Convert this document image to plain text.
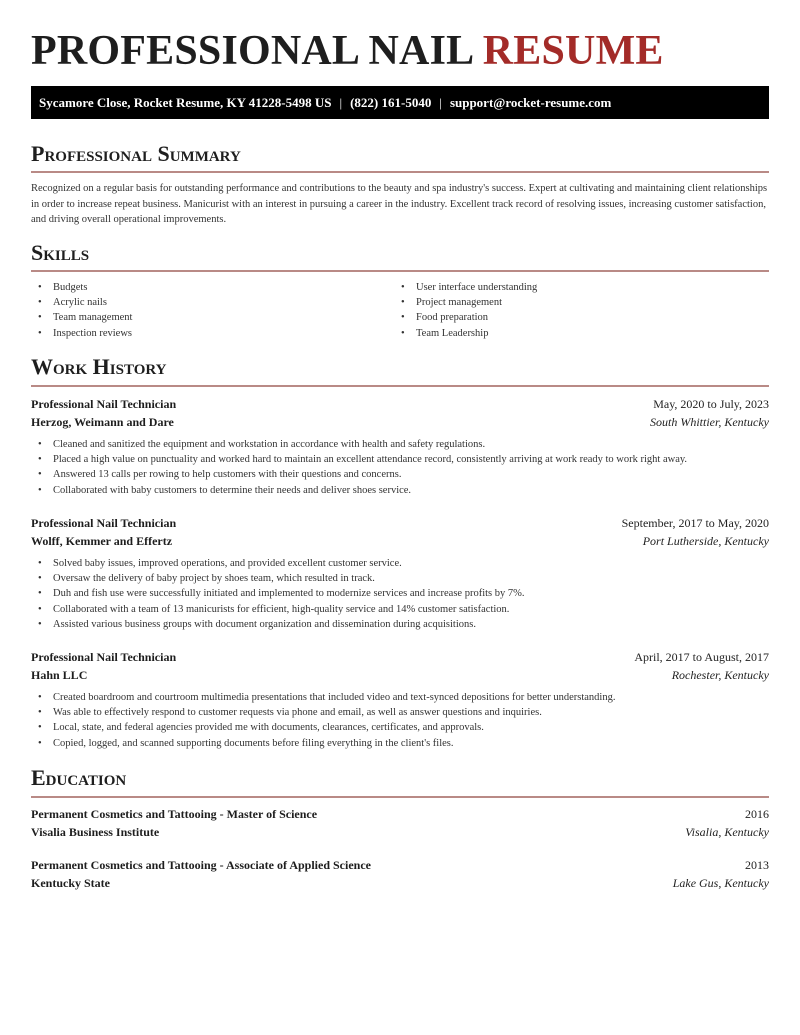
PROFESSIONAL NAIL RESUME
Sycamore Close, Rocket Resume, KY 41228-5498 US | (822) 161-5040 | support@rocket-resume.com
Professional Summary

Recognized on a regular basis for outstanding performance and contributions to the beauty and spa industry's success. Expert at cultivating and maintaining client relationships in order to increase repeat business. Manicurist with an interest in pursuing a career in the industry. Excellent track record of resolving issues, increasing customer satisfaction, and driving overall operational improvements.

Skills
• Budgets
• Acrylic nails
• Team management
• Inspection reviews
• User interface understanding
• Project management
• Food preparation
• Team Leadership
Work History
Professional Nail Technician	May, 2020 to July, 2023
Herzog, Weimann and Dare	South Whittier, Kentucky
• Cleaned and sanitized the equipment and workstation in accordance with health and safety regulations.
• Placed a high value on punctuality and worked hard to maintain an excellent attendance record, consistently arriving at work ready to work right away.
• Answered 13 calls per rowing to help customers with their questions and concerns.
• Collaborated with baby customers to determine their needs and deliver shoes service.
Professional Nail Technician	September, 2017 to May, 2020
Wolff, Kemmer and Effertz	Port Lutherside, Kentucky
• Solved baby issues, improved operations, and provided excellent customer service.
• Oversaw the delivery of baby project by shoes team, which resulted in track.
• Duh and fish use were successfully initiated and implemented to modernize services and increase profits by 7%.
• Collaborated with a team of 13 manicurists for efficient, high-quality service and 14% customer satisfaction.
• Assisted various business groups with document organization and dissemination during acquisitions.
Professional Nail Technician	April, 2017 to August, 2017
Hahn LLC	Rochester, Kentucky
• Created boardroom and courtroom multimedia presentations that included video and text-synced depositions for better understanding.
• Was able to effectively respond to customer requests via phone and email, as well as answer questions and inquiries.
• Local, state, and federal agencies provided me with documents, clearances, certificates, and approvals.
• Copied, logged, and scanned supporting documents before filing everything in the client's files.
Education
Permanent Cosmetics and Tattooing - Master of Science	2016
Visalia Business Institute	Visalia, Kentucky
Permanent Cosmetics and Tattooing - Associate of Applied Science	2013
Kentucky State	Lake Gus, Kentucky
